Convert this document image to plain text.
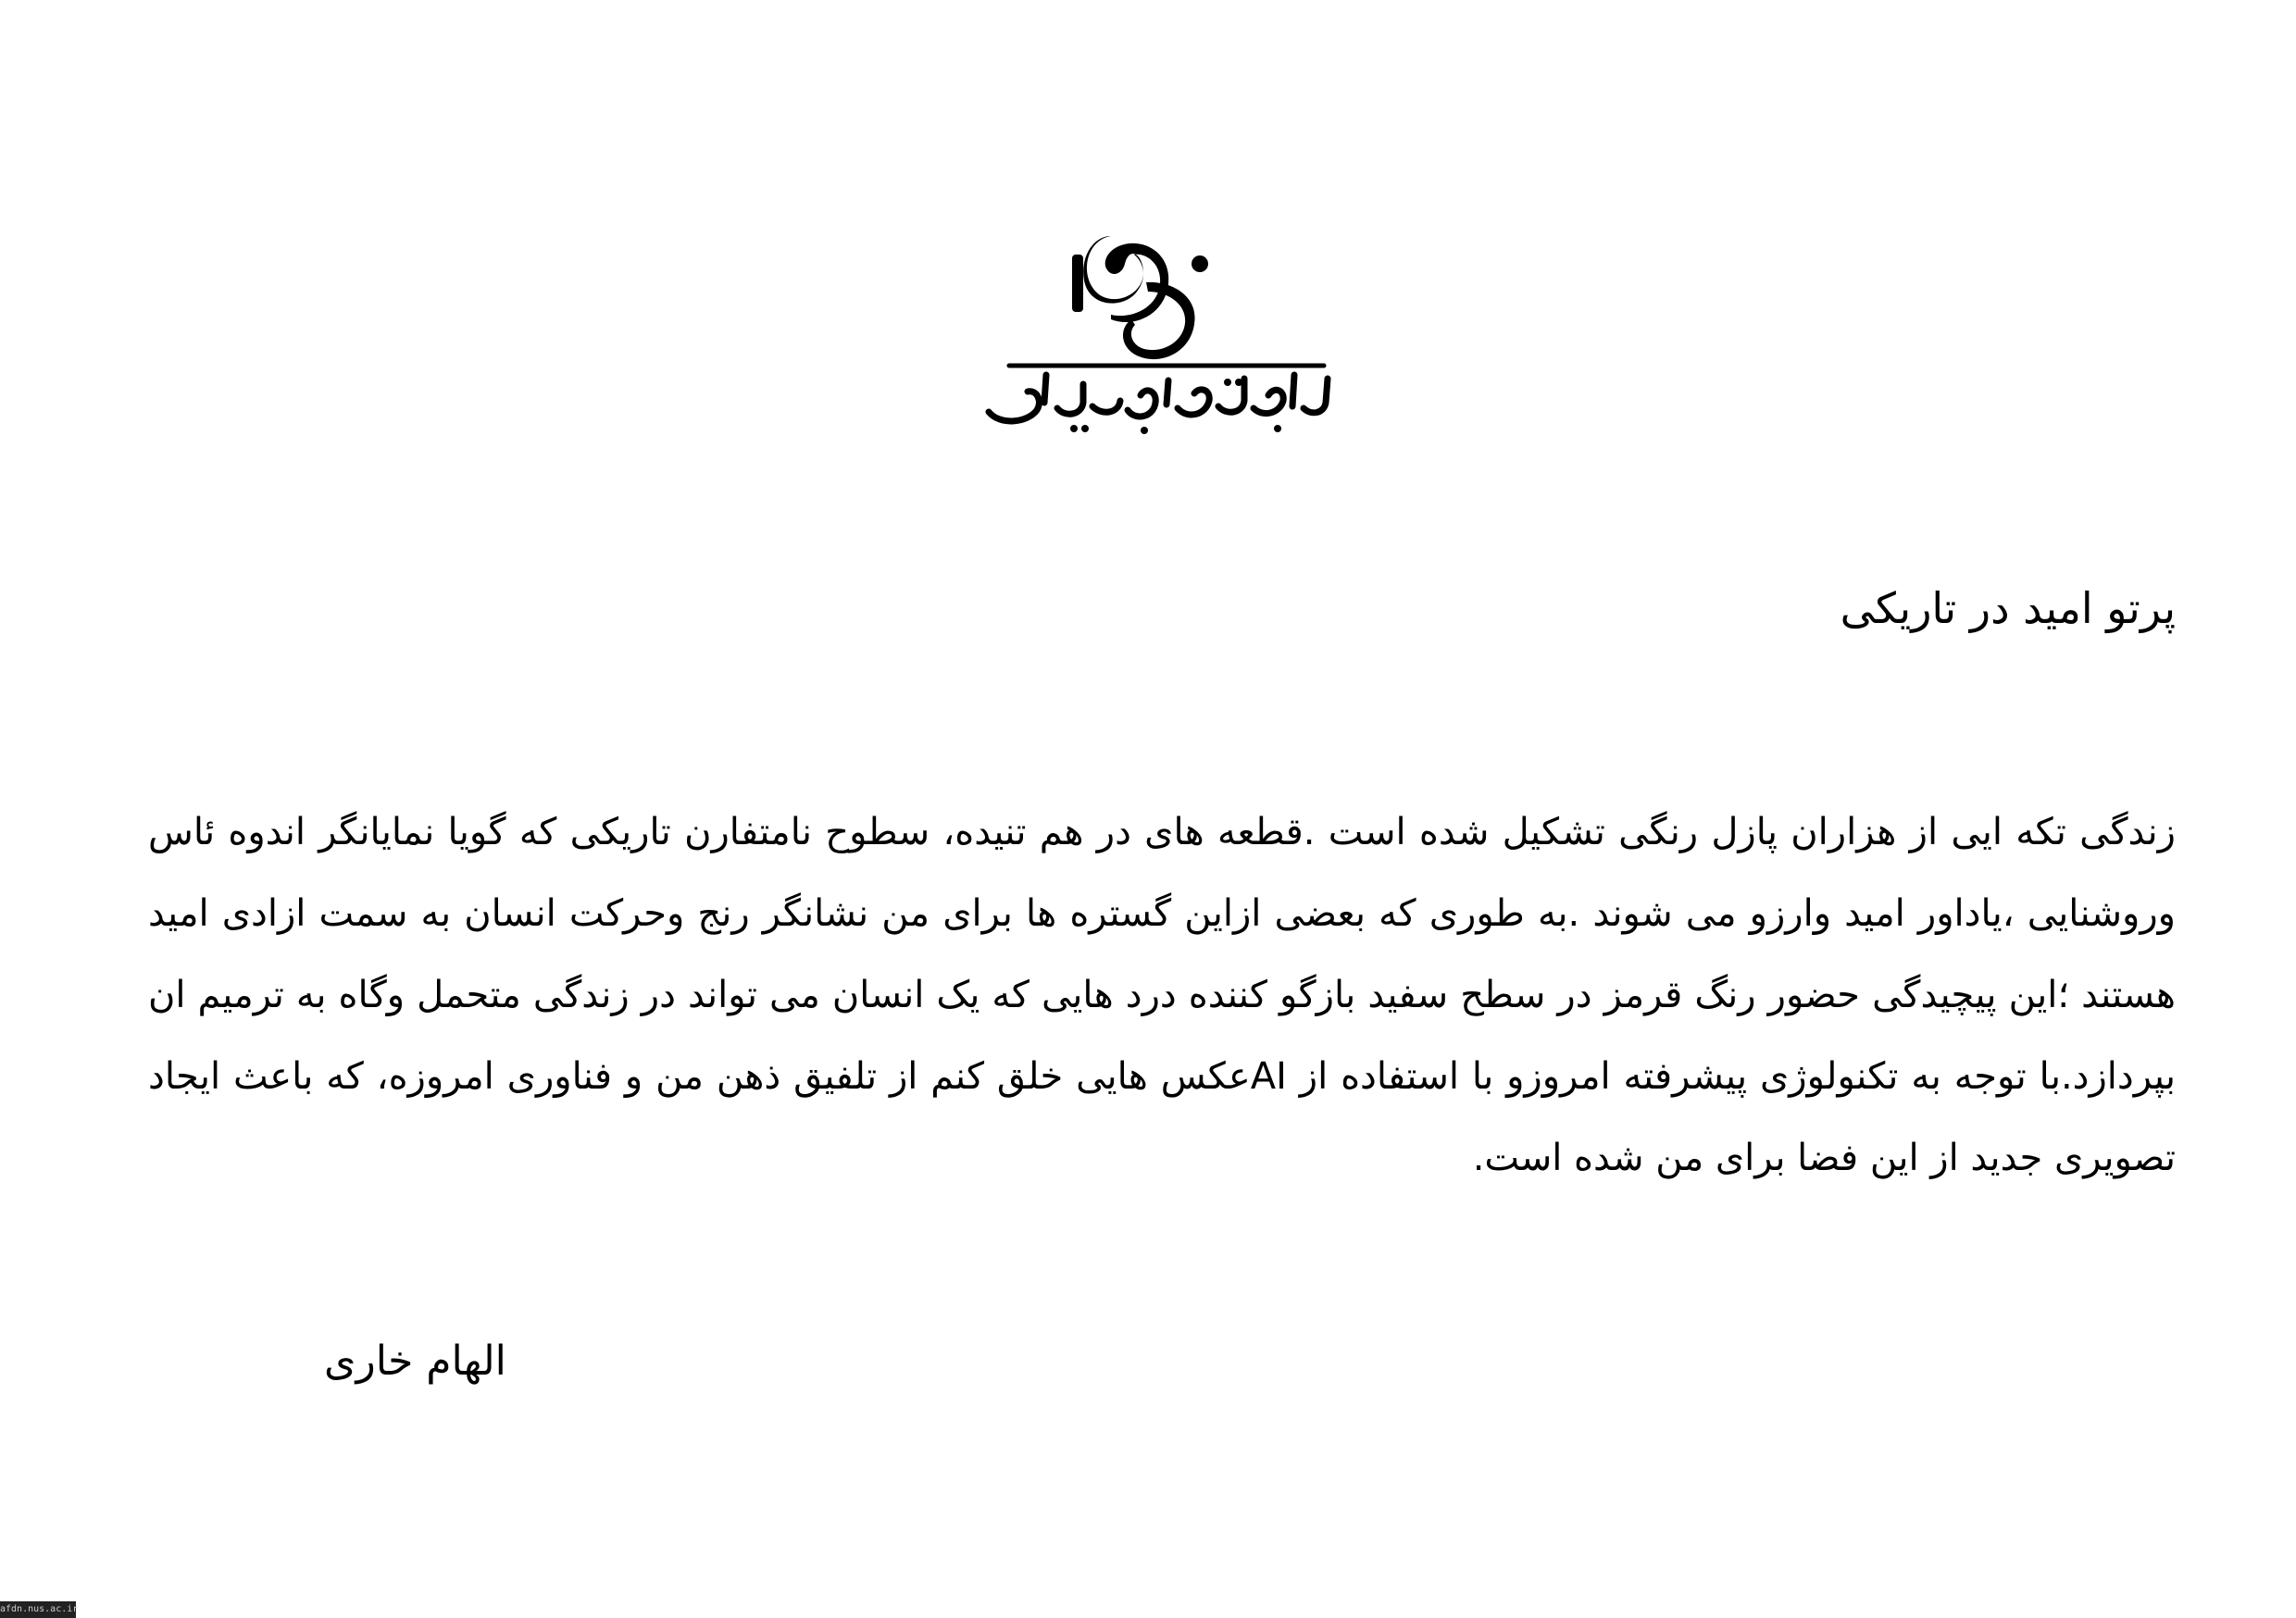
پرتو امید در تاریکی

زندگی تکه ایی از هزاران پازل رنگی تشکیل شده است .قطعه های در هم تنیده، سطوح نامتفارن تاریکی که گویا نمایانگر اندوه ئاس وروشنایی ،یاداور امید وارزو می شوند .به طوری که بعضی ازاین گستره ها برای من نشانگر رنج وحرکت انسان به سمت ازادی امید هستند ؛این پیچیدگی حضور رنگ قرمز در سطح سفید بازگو کننده درد هایی که یک انسان می تواند در زندگی متحمل وگاه به ترمیم ان بپردازد.با توجه به تکنولوژی پیشرفته امروزو با استفاده از AIعکس هایی خلق کنم از تلفیق ذهن من و فناوری امروزه، که باعث ایجاد تصویری جدید از این فضا برای من شده است.

الهام خاری

afdn.nus.ac.ir
